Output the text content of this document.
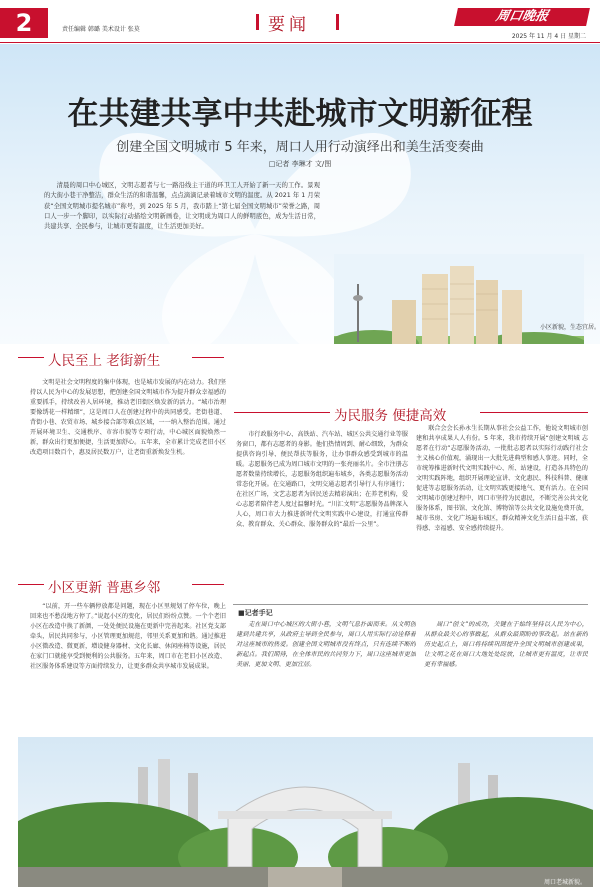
2	责任编辑 韩璐 美术设计 张莫	要闻	周口晚报
2025 年 11 月 4 日 星期二
在共建共享中共赴城市文明新征程
创建全国文明城市 5 年来，周口人用行动演绎出和美生活变奏曲
□记者 李琳才 文/图
清晨的周口中心城区，文明志愿者与七一路沿线主干道的环卫工人开始了新一天的工作。景观的大街小巷干净整洁，群众生活的和谐温馨，点点滴滴记录着城市文明的温度。从 2021 年 1 月荣获“全国文明城市提名城市”称号，到 2025 年 5 月，我市踏上“第七届全国文明城市”荣誉之路，周口人一步一个脚印，以实际行动描绘文明新画卷，让文明成为周口人的鲜明底色，成为生活日常，共建共享、全民参与，让城市更有温度，让生活更加美好。
小区新貌，生态宜居。
人民至上 老街新生
文明是社会文明程度的集中体现，也是城市发展的内在动力。我们坚持以人民为中心的发展思想，把创建全国文明城市作为提升群众幸福感的重要抓手，持续改善人居环境，推动老旧街区焕发新的活力。“城市治理要像绣花一样精细”，这是周口人在创建过程中的共同感受。老街巷道、背街小巷、农贸市场、城乡接合部等难点区域，一一纳入整治范围。通过开展环境卫生、交通秩序、市容市貌等专项行动，中心城区面貌焕然一新，群众出行更加便捷，生活更加舒心。五年来，全市累计完成老旧小区改造项目数百个，惠及居民数万户，让老街重新焕发生机。
小区更新 普惠乡邻
“以前，开一些车辆停放都是问题，现在小区里规划了停车位，晚上回来也不愁没地方停了。”说起小区的变化，居民们纷纷点赞。一个个老旧小区在改造中换了新颜，一处处便民设施在更新中完善起来。社区党支部牵头，居民共同参与，小区管理更加规范，邻里关系更加和谐。通过推进小区微改造、微更新，增设健身器材、文化长廊、休闲座椅等设施，居民在家门口就能享受到便利的公共服务。五年来，周口市在老旧小区改造、社区服务体系建设等方面持续发力，让更多群众共享城市发展成果。
为民服务 便捷高效
市行政服务中心、高铁站、汽车站、城区公共交通行业等服务窗口，都有志愿者的身影。他们热情周到、耐心细致，为群众提供咨询引导、便民帮扶等服务，让办事群众感受到城市的温暖。志愿服务已成为周口城市文明的一张亮丽名片。全市注册志愿者数量持续增长，志愿服务组织遍布城乡，各类志愿服务活动常态化开展。在交通路口，文明交通志愿者引导行人有序通行；在社区广场，文艺志愿者为居民送去精彩演出；在养老机构，爱心志愿者陪伴老人度过温馨时光。“川汇文明”志愿服务品牌深入人心，周口市大力推进新时代文明实践中心建设，打通宣传群众、教育群众、关心群众、服务群众的“最后一公里”。
联合会会长孙永生长期从事社会公益工作，他说文明城市创建和共享成果人人有份。5 年来，我市持续开展“创建文明城 志愿者在行动”志愿服务活动，一批批志愿者以实际行动践行社会主义核心价值观，涌现出一大批先进典型和感人事迹。同时，全市统筹推进新时代文明实践中心、所、站建设，打造各具特色的文明实践阵地，组织开展理论宣讲、文化惠民、科技科普、健康促进等志愿服务活动，让文明实践更接地气、更有活力。在全国文明城市创建过程中，周口市坚持为民惠民，不断完善公共文化服务体系，图书馆、文化馆、博物馆等公共文化设施免费开放，城市书房、文化广场遍布城区，群众精神文化生活日益丰富，获得感、幸福感、安全感持续提升。
■记者手记
走在周口中心城区的大街小巷，文明气息扑面而来。从文明创建到共建共享，从政府主导到全民参与，周口人用实际行动诠释着对这座城市的热爱。创建全国文明城市没有终点，只有连续不断的新起点。我们期待，在全体市民的共同努力下，周口这座城市更加美丽、更加文明、更加宜居。
周口“创文”的成功，关键在于始终坚持以人民为中心，从群众最关心的事做起，从群众最期盼的事改起。站在新的历史起点上，周口将持续巩固提升全国文明城市创建成果，让文明之花在周口大地处处绽放，让城市更有温度，让市民更有幸福感。
周口老城新貌。
